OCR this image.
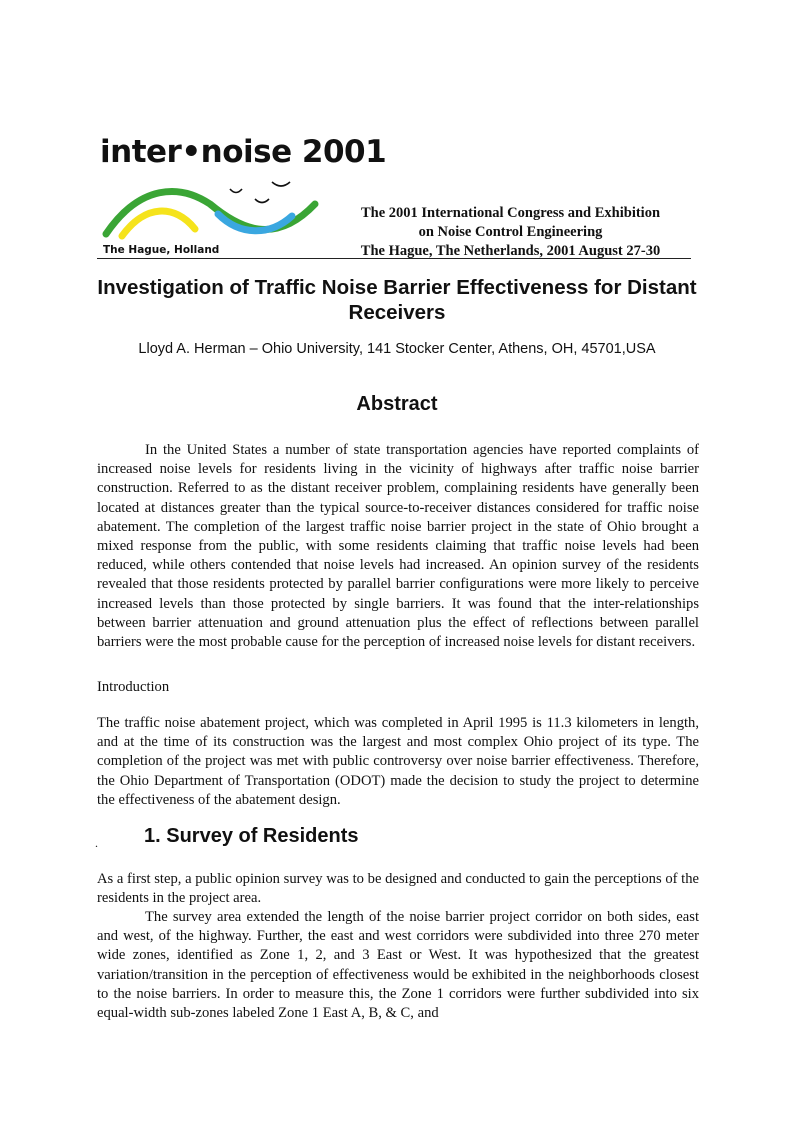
inter•noise 2001
The Hague, Holland
The 2001 International Congress and Exhibition
on Noise Control Engineering
The Hague, The Netherlands, 2001 August 27-30
Investigation of Traffic Noise Barrier Effectiveness for Distant Receivers
Lloyd A. Herman – Ohio University, 141 Stocker Center, Athens, OH, 45701,USA
Abstract

In the United States a number of state transportation agencies have reported complaints of increased noise levels for residents living in the vicinity of highways after traffic noise barrier construction. Referred to as the distant receiver problem, complaining residents have generally been located at distances greater than the typical source-to-receiver distances considered for traffic noise abatement. The completion of the largest traffic noise barrier project in the state of Ohio brought a mixed response from the public, with some residents claiming that traffic noise levels had been reduced, while others contended that noise levels had increased. An opinion survey of the residents revealed that those residents protected by parallel barrier configurations were more likely to perceive increased levels than those protected by single barriers. It was found that the inter-relationships between barrier attenuation and ground attenuation plus the effect of reflections between parallel barriers were the most probable cause for the perception of increased noise levels for distant receivers.

Introduction

The traffic noise abatement project, which was completed in April 1995 is 11.3 kilometers in length, and at the time of its construction was the largest and most complex Ohio project of its type. The completion of the project was met with public controversy over noise barrier effectiveness. Therefore, the Ohio Department of Transportation (ODOT) made the decision to study the project to determine the effectiveness of the abatement design.

. 1. Survey of Residents

As a first step, a public opinion survey was to be designed and conducted to gain the perceptions of the residents in the project area.

The survey area extended the length of the noise barrier project corridor on both sides, east and west, of the highway. Further, the east and west corridors were subdivided into three 270 meter wide zones, identified as Zone 1, 2, and 3 East or West. It was hypothesized that the greatest variation/transition in the perception of effectiveness would be exhibited in the neighborhoods closest to the noise barriers. In order to measure this, the Zone 1 corridors were further subdivided into six equal-width sub-zones labeled Zone 1 East A, B, & C, and
